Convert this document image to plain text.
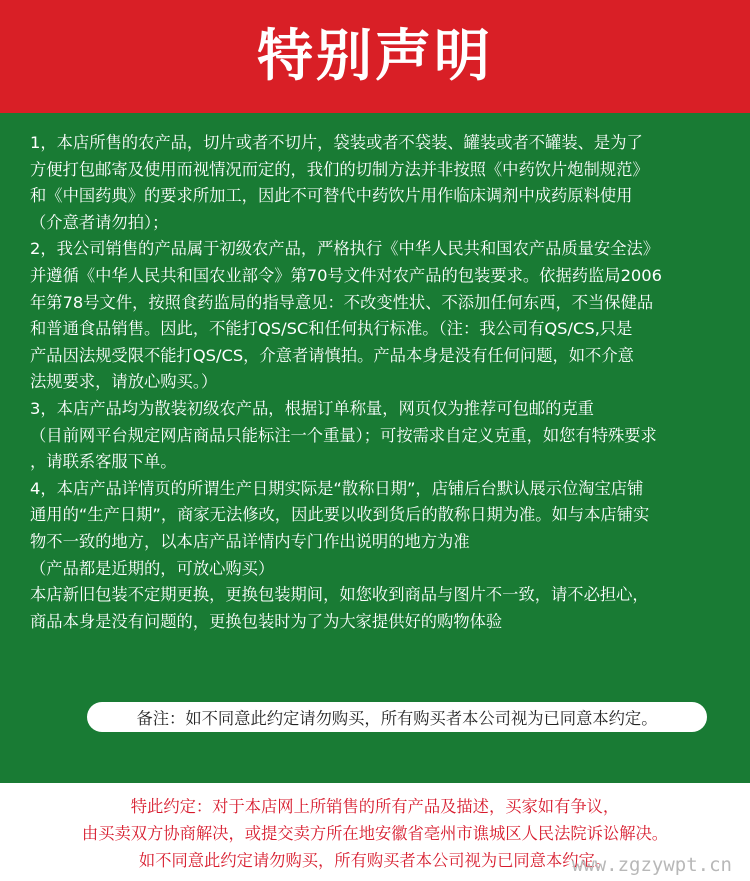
特别声明

1，本店所售的农产品，切片或者不切片，袋装或者不袋装、罐装或者不罐装、是为了
方便打包邮寄及使用而视情况而定的，我们的切制方法并非按照《中药饮片炮制规范》
和《中国药典》的要求所加工，因此不可替代中药饮片用作临床调剂中成药原料使用
（介意者请勿拍）；

2，我公司销售的产品属于初级农产品，严格执行《中华人民共和国农产品质量安全法》
并遵循《中华人民共和国农业部令》第70号文件对农产品的包装要求。依据药监局2006
年第78号文件，按照食药监局的指导意见：不改变性状、不添加任何东西，不当保健品
和普通食品销售。因此，不能打QS/SC和任何执行标准。（注：我公司有QS/CS,只是
产品因法规受限不能打QS/CS，介意者请慎拍。产品本身是没有任何问题，如不介意
法规要求，请放心购买。）

3，本店产品均为散装初级农产品，根据订单称量，网页仅为推荐可包邮的克重
（目前网平台规定网店商品只能标注一个重量）；可按需求自定义克重，如您有特殊要求
，请联系客服下单。

4，本店产品详情页的所谓生产日期实际是“散称日期”，店铺后台默认展示位淘宝店铺
通用的“生产日期”，商家无法修改，因此要以收到货后的散称日期为准。如与本店铺实
物不一致的地方，以本店产品详情内专门作出说明的地方为准
（产品都是近期的，可放心购买）

本店新旧包装不定期更换，更换包装期间，如您收到商品与图片不一致，请不必担心，
商品本身是没有问题的，更换包装时为了为大家提供好的购物体验

备注：如不同意此约定请勿购买，所有购买者本公司视为已同意本约定。
特此约定：对于本店网上所销售的所有产品及描述，买家如有争议，
由买卖双方协商解决，或提交卖方所在地安徽省亳州市谯城区人民法院诉讼解决。
如不同意此约定请勿购买，所有购买者本公司视为已同意本约定。
www.zgzywpt.cn
